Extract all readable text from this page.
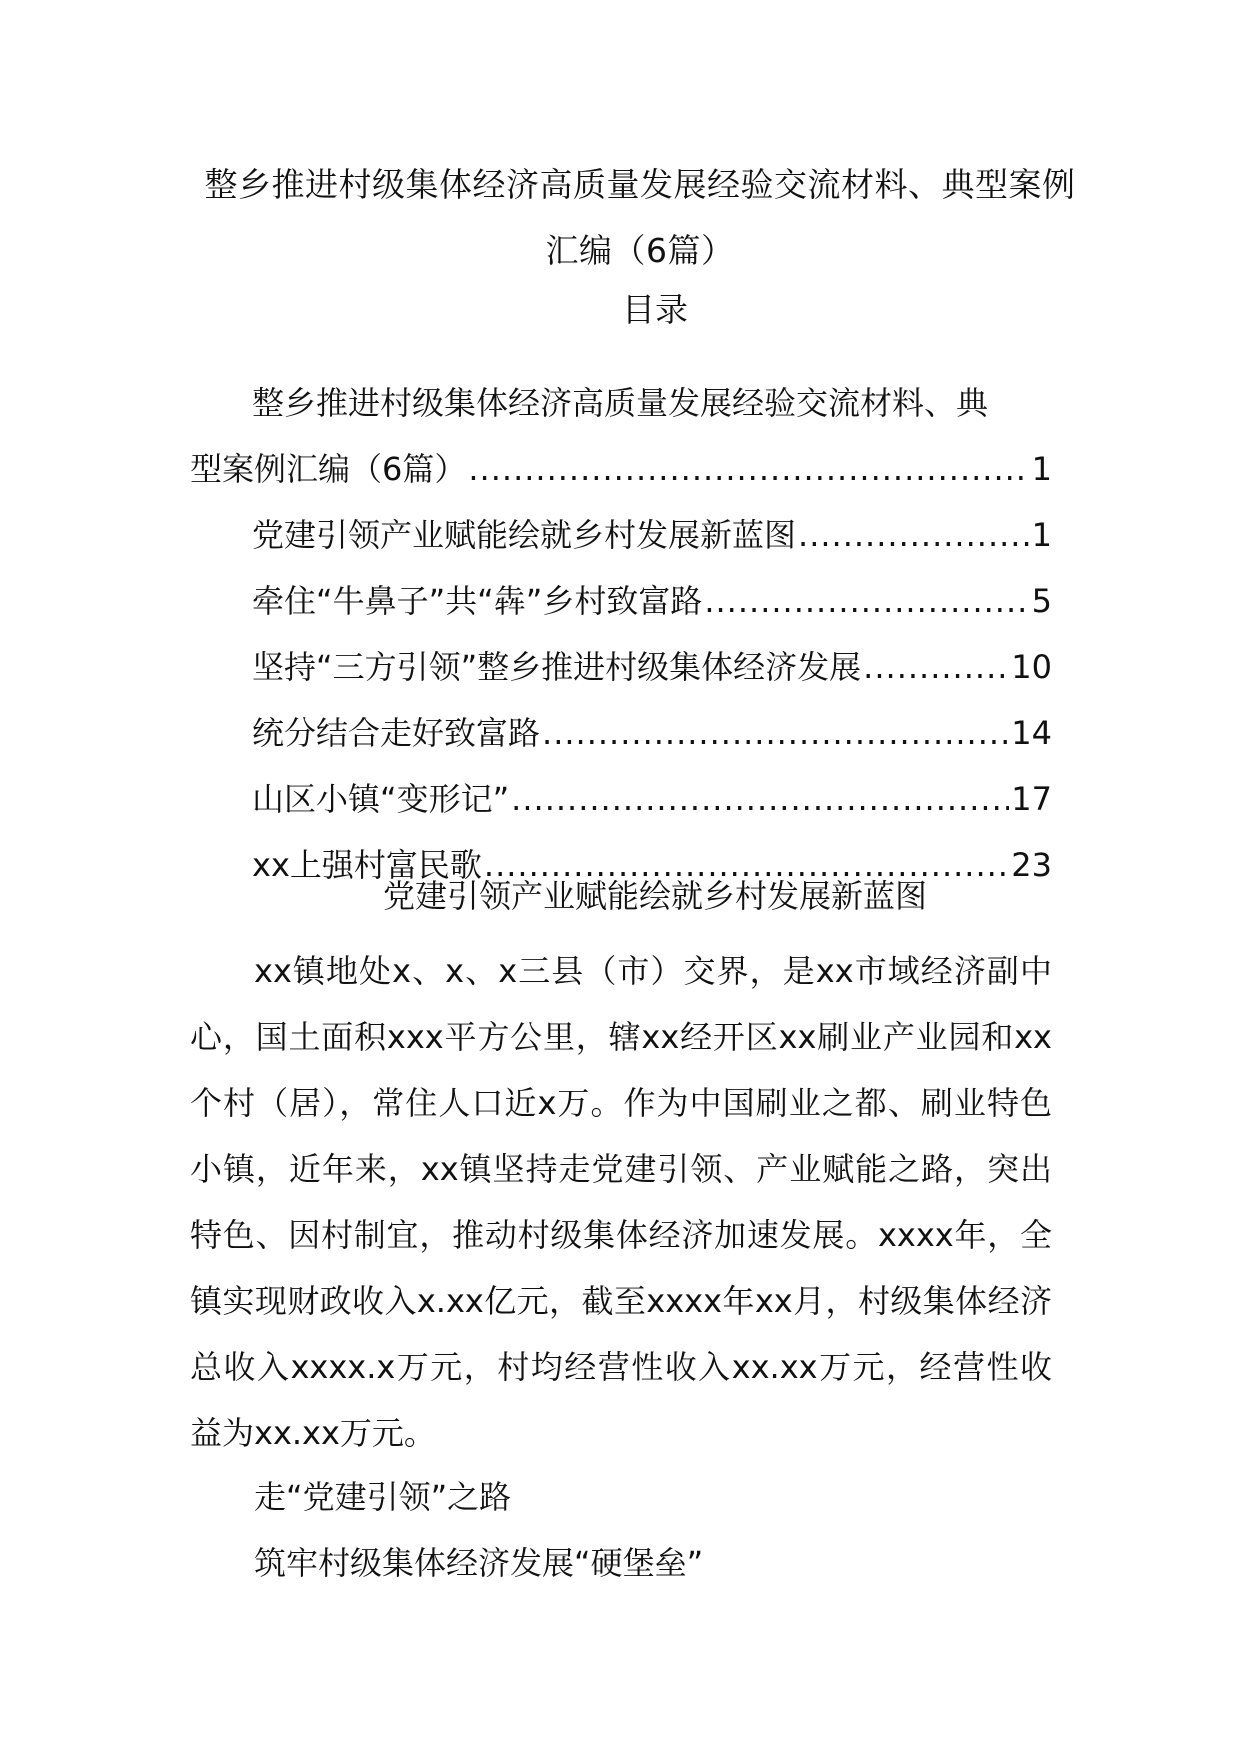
整乡推进村级集体经济高质量发展经验交流材料、典型案例汇编（6篇）
目录
整乡推进村级集体经济高质量发展经验交流材料、典
型案例汇编（6篇） .....	1
党建引领产业赋能绘就乡村发展新蓝图 .....	1
牵住“牛鼻子”共“犇”乡村致富路 .....	5
坚持“三方引领”整乡推进村级集体经济发展 .....	10
统分结合走好致富路 .....	14
山区小镇“变形记” .....	17
xx上强村富民歌 .....	23
党建引领产业赋能绘就乡村发展新蓝图
xx镇地处x、x、x三县（市）交界，是xx市域经济副中心，国土面积xxx平方公里，辖xx经开区xx刷业产业园和xx个村（居），常住人口近x万。作为中国刷业之都、刷业特色小镇，近年来，xx镇坚持走党建引领、产业赋能之路，突出特色、因村制宜，推动村级集体经济加速发展。xxxx年，全镇实现财政收入x.xx亿元，截至xxxx年xx月，村级集体经济总收入xxxx.x万元，村均经营性收入xx.xx万元，经营性收益为xx.xx万元。
走“党建引领”之路
筑牢村级集体经济发展“硬堡垒”
